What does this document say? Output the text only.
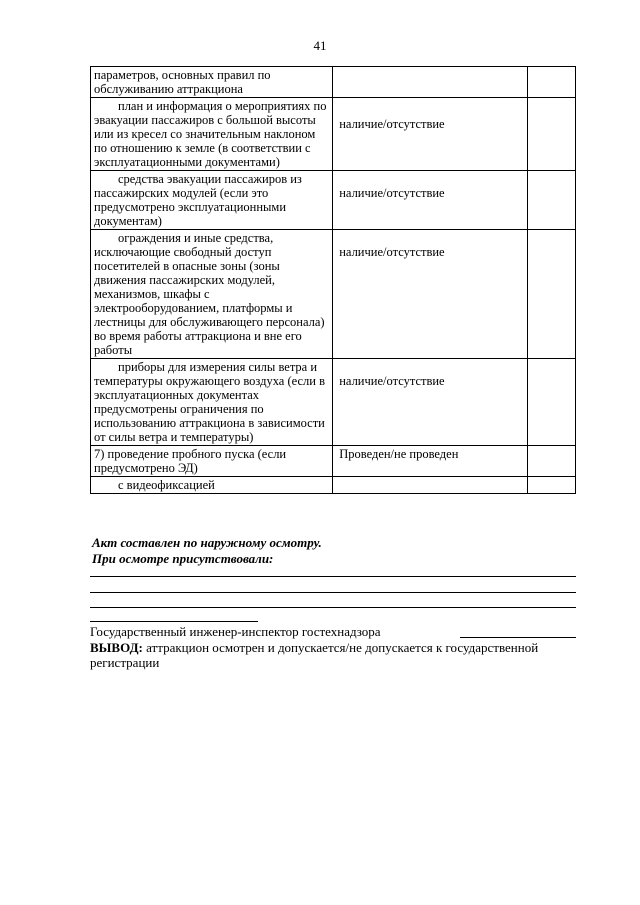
41
параметров, основных правил по обслуживанию аттракциона		
план и информация о мероприятиях по эвакуации пассажиров с большой высоты или из кресел со значительным наклоном по отношению к земле (в соответствии с эксплуатационными документами)	наличие/отсутствие	

средства эвакуации пассажиров из пассажирских модулей (если это предусмотрено эксплуатационными документам)	наличие/отсутствие	

ограждения и иные средства, исключающие свободный доступ посетителей в опасные зоны (зоны движения пассажирских модулей, механизмов, шкафы с электрооборудованием, платформы и лестницы для обслуживающего персонала) во время работы аттракциона и вне его работы	наличие/отсутствие	

приборы для измерения силы ветра и температуры окружающего воздуха (если в эксплуатационных документах предусмотрены ограничения по использованию аттракциона в зависимости от силы ветра и температуры)	наличие/отсутствие	

7) проведение пробного пуска (если предусмотрено ЭД)	Проведен/не проведен	
с видеофиксацией		
Акт составлен по наружному осмотру.
При осмотре присутствовали:
Государственный инженер-инспектор гостехнадзора
ВЫВОД: аттракцион осмотрен и допускается/не допускается к государственной регистрации
